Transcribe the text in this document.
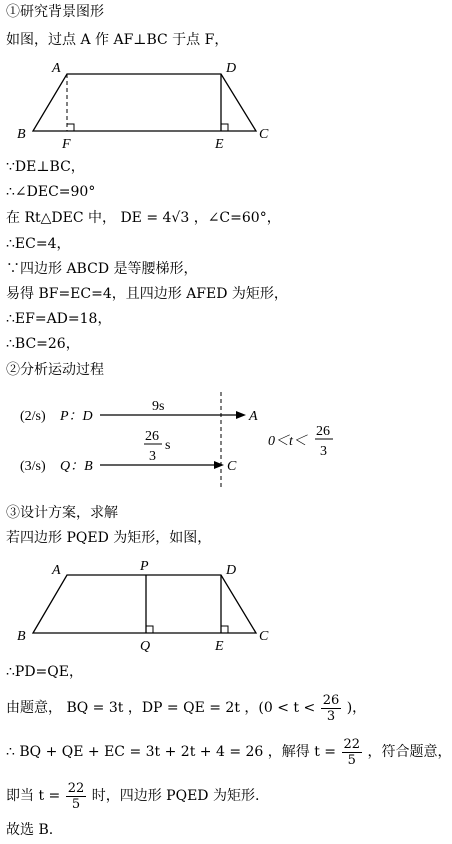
①研究背景图形
如图，过点 A 作 AF⊥BC 于点 F，
A	D
B	C
F	E
∵DE⊥BC，
∴∠DEC=90°
在 Rt△DEC 中， DE = 4√3 ，∠C=60°，
∴EC=4，
∵四边形 ABCD 是等腰梯形，
易得 BF=EC=4，且四边形 AFED 为矩形，
∴EF=AD=18，
∴BC=26，
②分析运动过程
(2/s) P：D
9s
A
(3/s) Q：B
26
3
s
C
0＜t＜
26
3
③设计方案，求解
若四边形 PQED 为矩形，如图，
A	P	D
B
Q	E
C
∴PD=QE，
由题意， BQ = 3t ，DP = QE = 2t ，($0 < t < \frac{26}{3}$ )，
∴ BQ + QE + EC = 3t + 2t + 4 = 26 ，解得 $t = \frac{22}{5}$ ，符合题意，
即当 $t = \frac{22}{5}$ 时，四边形 PQED 为矩形.
故选 B.
